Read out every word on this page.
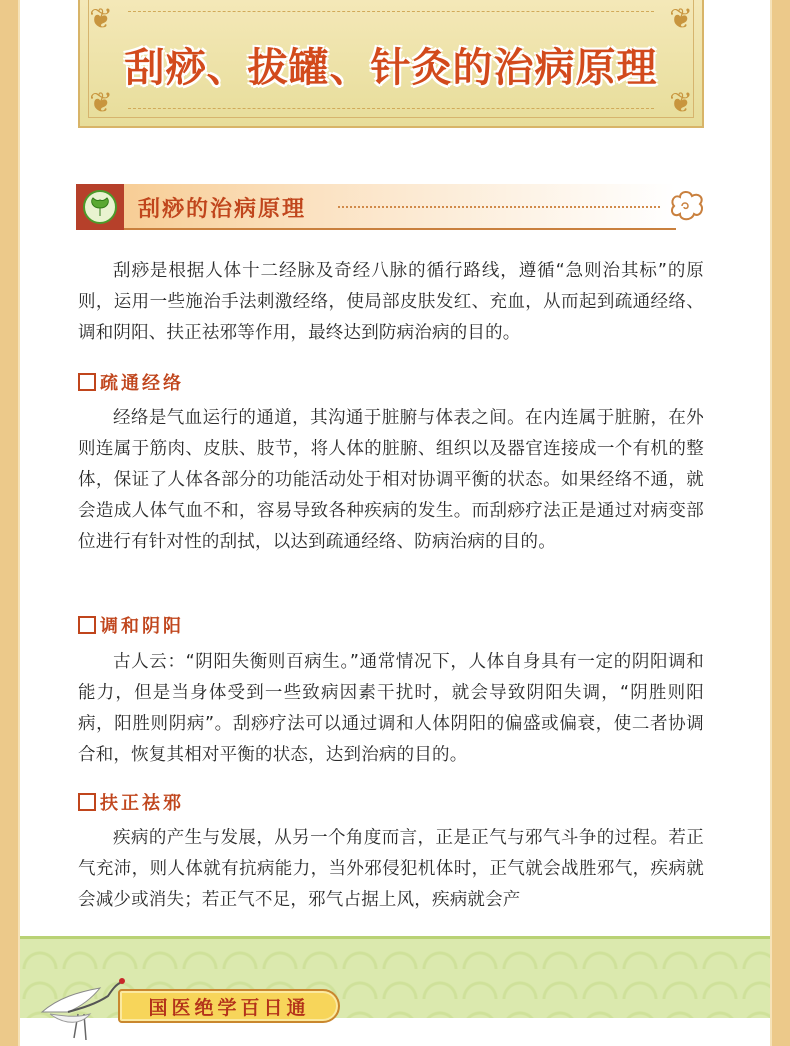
❦	❦
❦	❦
刮痧、拔罐、针灸的治病原理
刮痧的治病原理

刮痧是根据人体十二经脉及奇经八脉的循行路线，遵循“急则治其标”的原则，运用一些施治手法刺激经络，使局部皮肤发红、充血，从而起到疏通经络、调和阴阳、扶正祛邪等作用，最终达到防病治病的目的。

疏通经络

经络是气血运行的通道，其沟通于脏腑与体表之间。在内连属于脏腑，在外则连属于筋肉、皮肤、肢节，将人体的脏腑、组织以及器官连接成一个有机的整体，保证了人体各部分的功能活动处于相对协调平衡的状态。如果经络不通，就会造成人体气血不和，容易导致各种疾病的发生。而刮痧疗法正是通过对病变部位进行有针对性的刮拭，以达到疏通经络、防病治病的目的。

调和阴阳

古人云：“阴阳失衡则百病生。”通常情况下，人体自身具有一定的阴阳调和能力，但是当身体受到一些致病因素干扰时，就会导致阴阳失调，“阴胜则阳病，阳胜则阴病”。刮痧疗法可以通过调和人体阴阳的偏盛或偏衰，使二者协调合和，恢复其相对平衡的状态，达到治病的目的。

扶正祛邪

疾病的产生与发展，从另一个角度而言，正是正气与邪气斗争的过程。若正气充沛，则人体就有抗病能力，当外邪侵犯机体时，正气就会战胜邪气，疾病就会减少或消失；若正气不足，邪气占据上风，疾病就会产

国医绝学百日通
